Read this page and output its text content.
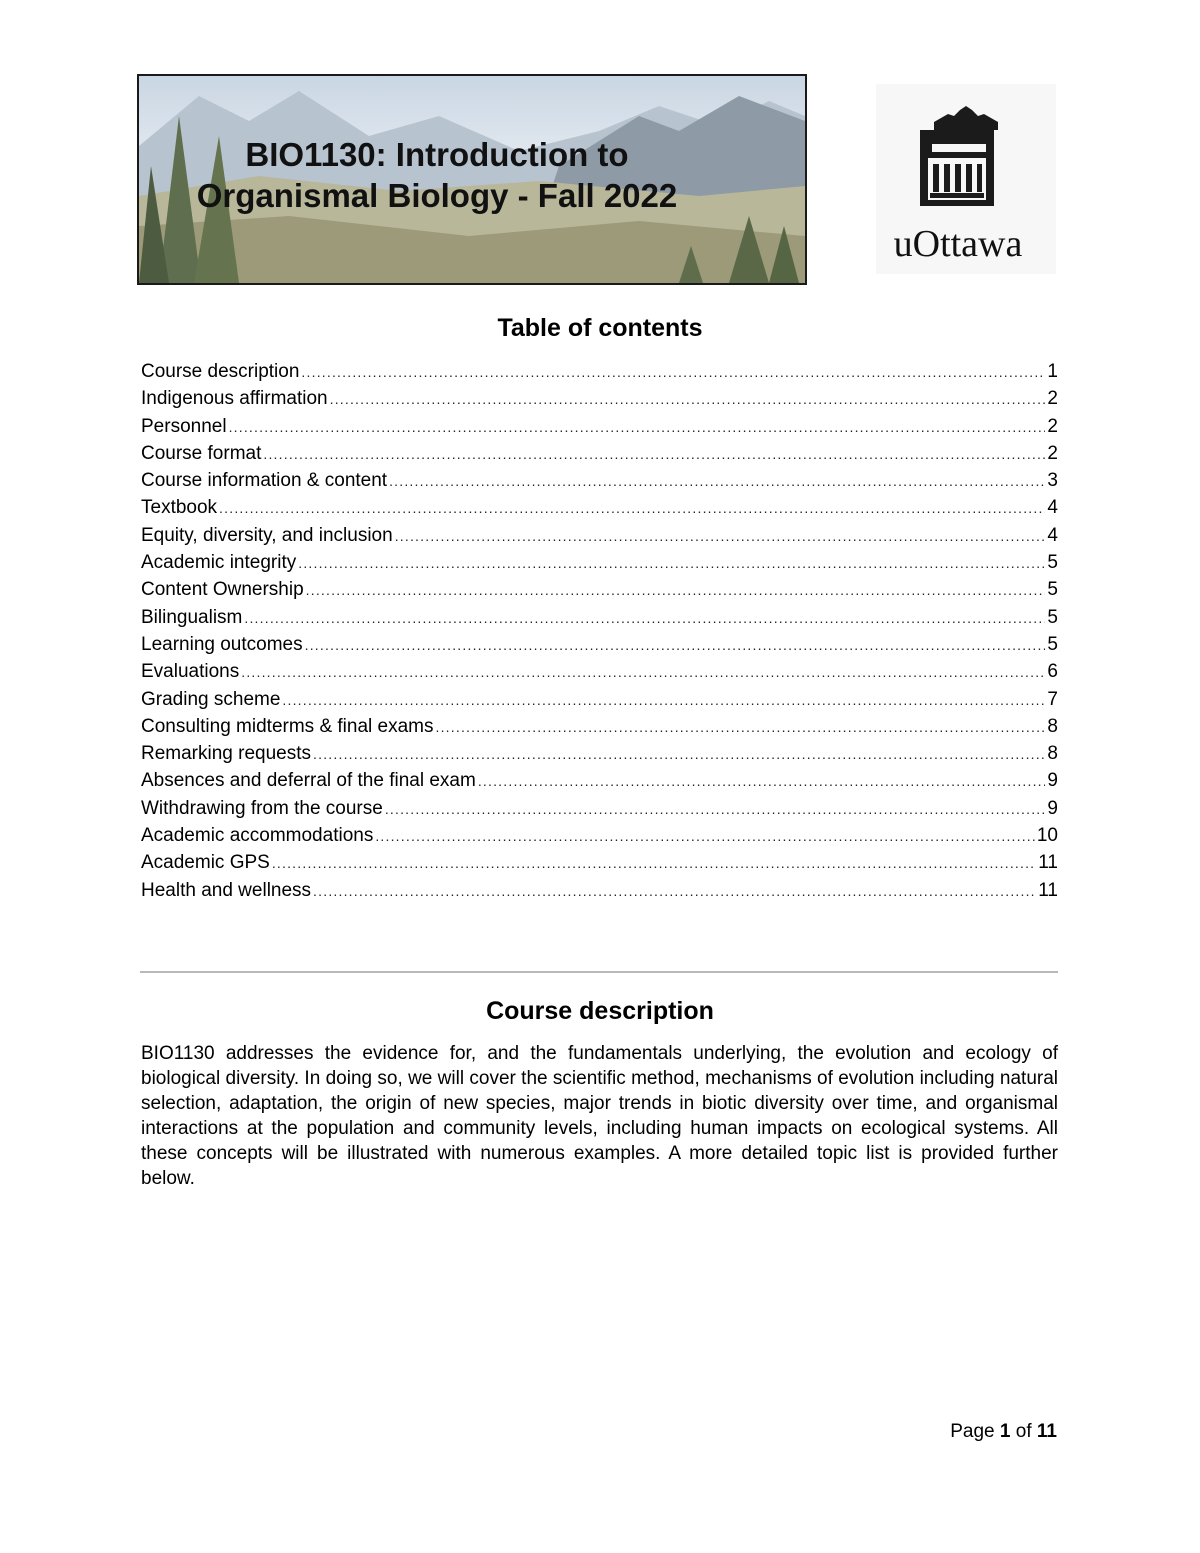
BIO1130: Introduction to
Organismal Biology - Fall 2022
uOttawa
Table of contents
Course description .....	1
Indigenous affirmation .....	2
Personnel .....	2
Course format .....	2
Course information & content .....	3
Textbook .....	4
Equity, diversity, and inclusion .....	4
Academic integrity .....	5
Content Ownership .....	5
Bilingualism .....	5
Learning outcomes .....	5
Evaluations .....	6
Grading scheme .....	7
Consulting midterms & final exams .....	8
Remarking requests .....	8
Absences and deferral of the final exam .....	9
Withdrawing from the course .....	9
Academic accommodations .....	10
Academic GPS .....	11
Health and wellness .....	11
Course description

BIO1130 addresses the evidence for, and the fundamentals underlying, the evolution and ecology of biological diversity. In doing so, we will cover the scientific method, mechanisms of evolution including natural selection, adaptation, the origin of new species, major trends in biotic diversity over time, and organismal interactions at the population and community levels, including human impacts on ecological systems. All these concepts will be illustrated with numerous examples. A more detailed topic list is provided further below.

Page 1 of 11
